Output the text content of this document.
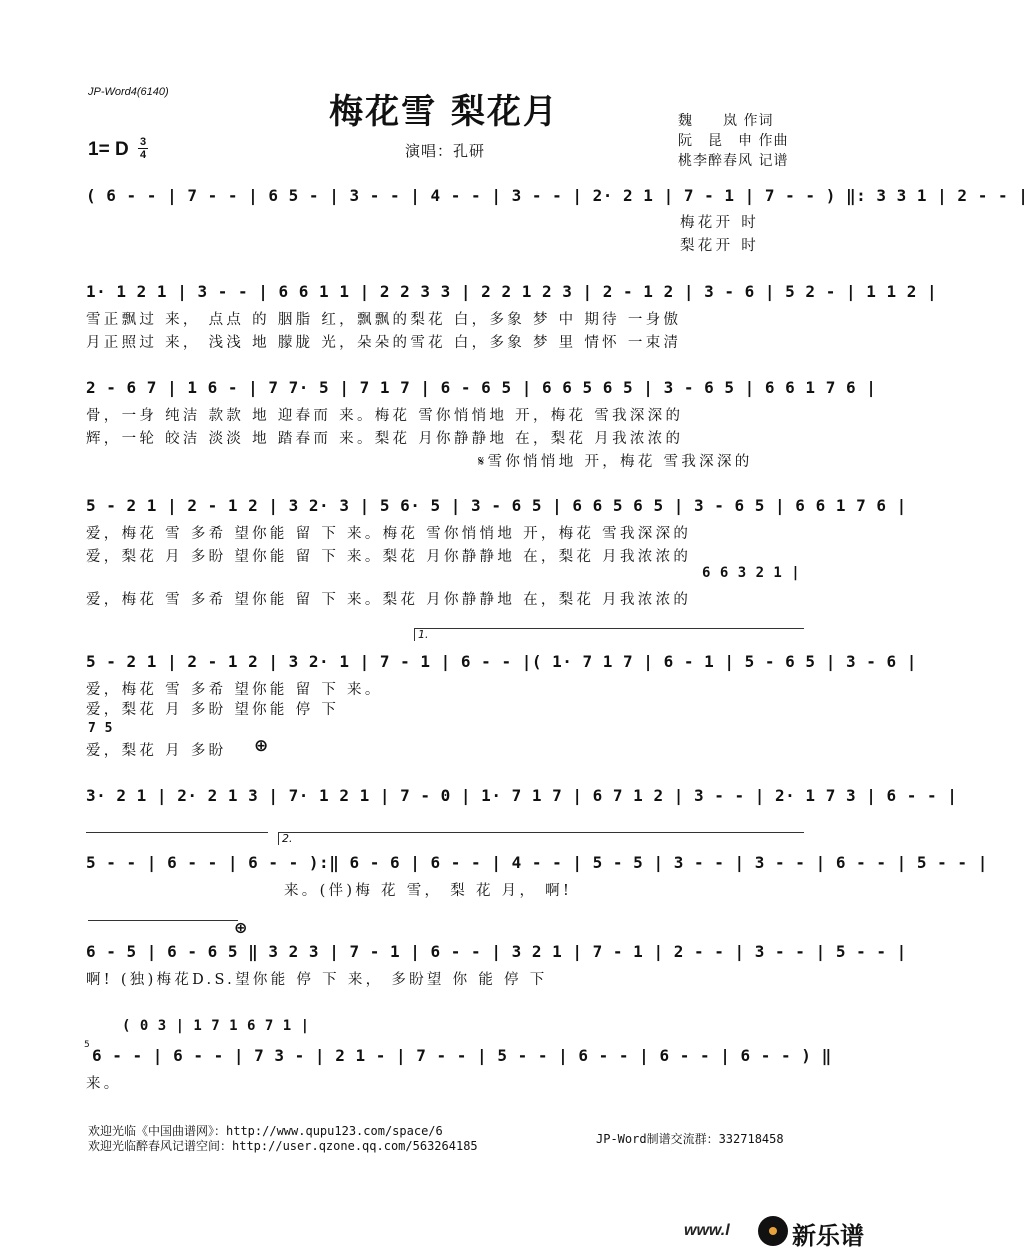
JP-Word4(6140)	梅花雪 梨花月	魏　　岚 作词
阮　昆　申 作曲
桃李醉春风 记谱
1= D 3
4	演唱：孔研
( 6 - - | 7 - - | 6 5 - | 3 - - | 4 - - | 3 - - | 2· 2 1 | 7 - 1 | 7 - - ) ‖: 3 3 1 | 2 - - |
梅花开 时
梨花开 时
1· 1 2 1 | 3 - - | 6 6 1 1 | 2 2 3 3 | 2 2 1 2 3 | 2 - 1 2 | 3 - 6 | 5 2 - | 1 1 2 |
雪正飘过 来， 点点 的 胭脂 红，飘飘的梨花 白，多象 梦 中 期待 一身傲
月正照过 来， 浅浅 地 朦胧 光，朵朵的雪花 白，多象 梦 里 情怀 一束清
2 - 6 7 | 1 6 - | 7 7· 5 | 7 1 7 | 6 - 6 5 | 6 6 5 6 5 | 3 - 6 5 | 6 6 1 7 6 |
骨，一身 纯洁 款款 地 迎春而 来。梅花 雪你悄悄地 开，梅花 雪我深深的
辉，一轮 皎洁 淡淡 地 踏春而 来。梨花 月你静静地 在，梨花 月我浓浓的
𝄋雪你悄悄地 开，梅花 雪我深深的
5 - 2 1 | 2 - 1 2 | 3 2· 3 | 5 6· 5 | 3 - 6 5 | 6 6 5 6 5 | 3 - 6 5 | 6 6 1 7 6 |
爱，梅花 雪 多希 望你能 留 下 来。梅花 雪你悄悄地 开，梅花 雪我深深的
爱，梨花 月 多盼 望你能 留 下 来。梨花 月你静静地 在，梨花 月我浓浓的
6 6 3 2 1 |
爱，梅花 雪 多希 望你能 留 下 来。梨花 月你静静地 在，梨花 月我浓浓的
1.
5 - 2 1 | 2 - 1 2 | 3 2· 1 | 7 - 1 | 6 - - |( 1· 7 1 7 | 6 - 1 | 5 - 6 5 | 3 - 6 |
爱，梅花 雪 多希 望你能 留 下 来。
爱，梨花 月 多盼 望你能 停 下
7 5
爱，梨花 月 多盼 ⊕
3· 2 1 | 2· 2 1 3 | 7· 1 2 1 | 7 - 0 | 1· 7 1 7 | 6 7 1 2 | 3 - - | 2· 1 7 3 | 6 - - |
2.
5 - - | 6 - - | 6 - - ):‖ 6 - 6 | 6 - - | 4 - - | 5 - 5 | 3 - - | 3 - - | 6 - - | 5 - - |
来。(伴)梅 花 雪， 梨 花 月， 啊!
⊕
6 - 5 | 6 - 6 5 ‖ 3 2 3 | 7 - 1 | 6 - - | 3 2 1 | 7 - 1 | 2 - - | 3 - - | 5 - - |
啊! (独)梅花D.S.望你能 停 下 来， 多盼望 你 能 停 下
( 0 3 | 1 7 1 6 7 1 |
5
6 - - | 6 - - | 7 3 - | 2 1 - | 7 - - | 5 - - | 6 - - | 6 - - | 6 - - ) ‖
来。
欢迎光临《中国曲谱网》：http://www.qupu123.com/space/6
欢迎光临醉春风记谱空间：http://user.qzone.qq.com/563264185	JP-Word制谱交流群：332718458
www.l	新乐谱
